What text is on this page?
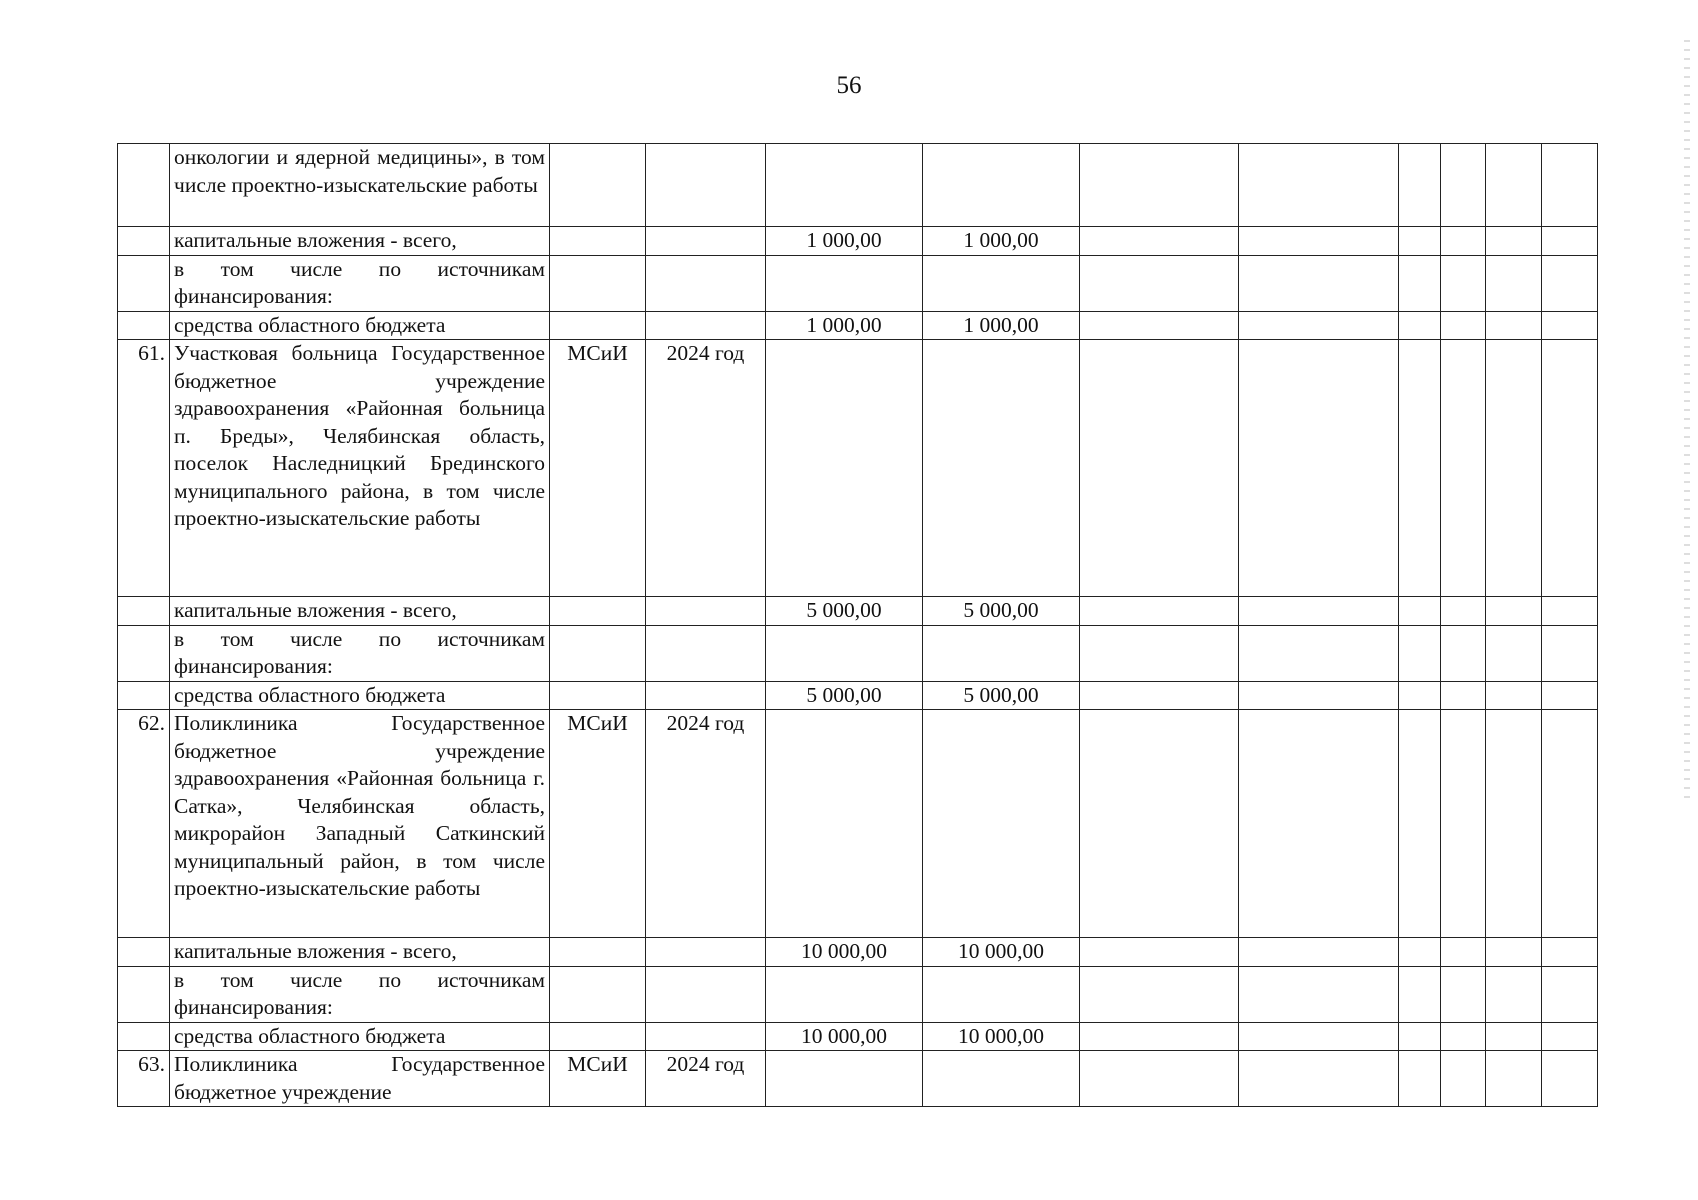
56
	онкологии и ядерной медицины», в том числе проектно-изыскательские работы										
	капитальные вложения - всего,			1 000,00	1 000,00						
	в том числе по источникам финансирования:										
	средства областного бюджета			1 000,00	1 000,00						
61.	Участковая больница Государственное бюджетное учреждение здравоохранения «Районная больница п. Бреды», Челябинская область, поселок Наследницкий Брединского муниципального района, в том числе проектно-изыскательские работы	МСиИ	2024 год								
	капитальные вложения - всего,			5 000,00	5 000,00						
	в том числе по источникам финансирования:										
	средства областного бюджета			5 000,00	5 000,00						
62.	Поликлиника Государственное бюджетное учреждение здравоохранения «Районная больница г. Сатка», Челябинская область, микрорайон Западный Саткинский муниципальный район, в том числе проектно-изыскательские работы	МСиИ	2024 год								
	капитальные вложения - всего,			10 000,00	10 000,00						
	в том числе по источникам финансирования:										
	средства областного бюджета			10 000,00	10 000,00						
63.	Поликлиника Государственное бюджетное учреждение	МСиИ	2024 год								
